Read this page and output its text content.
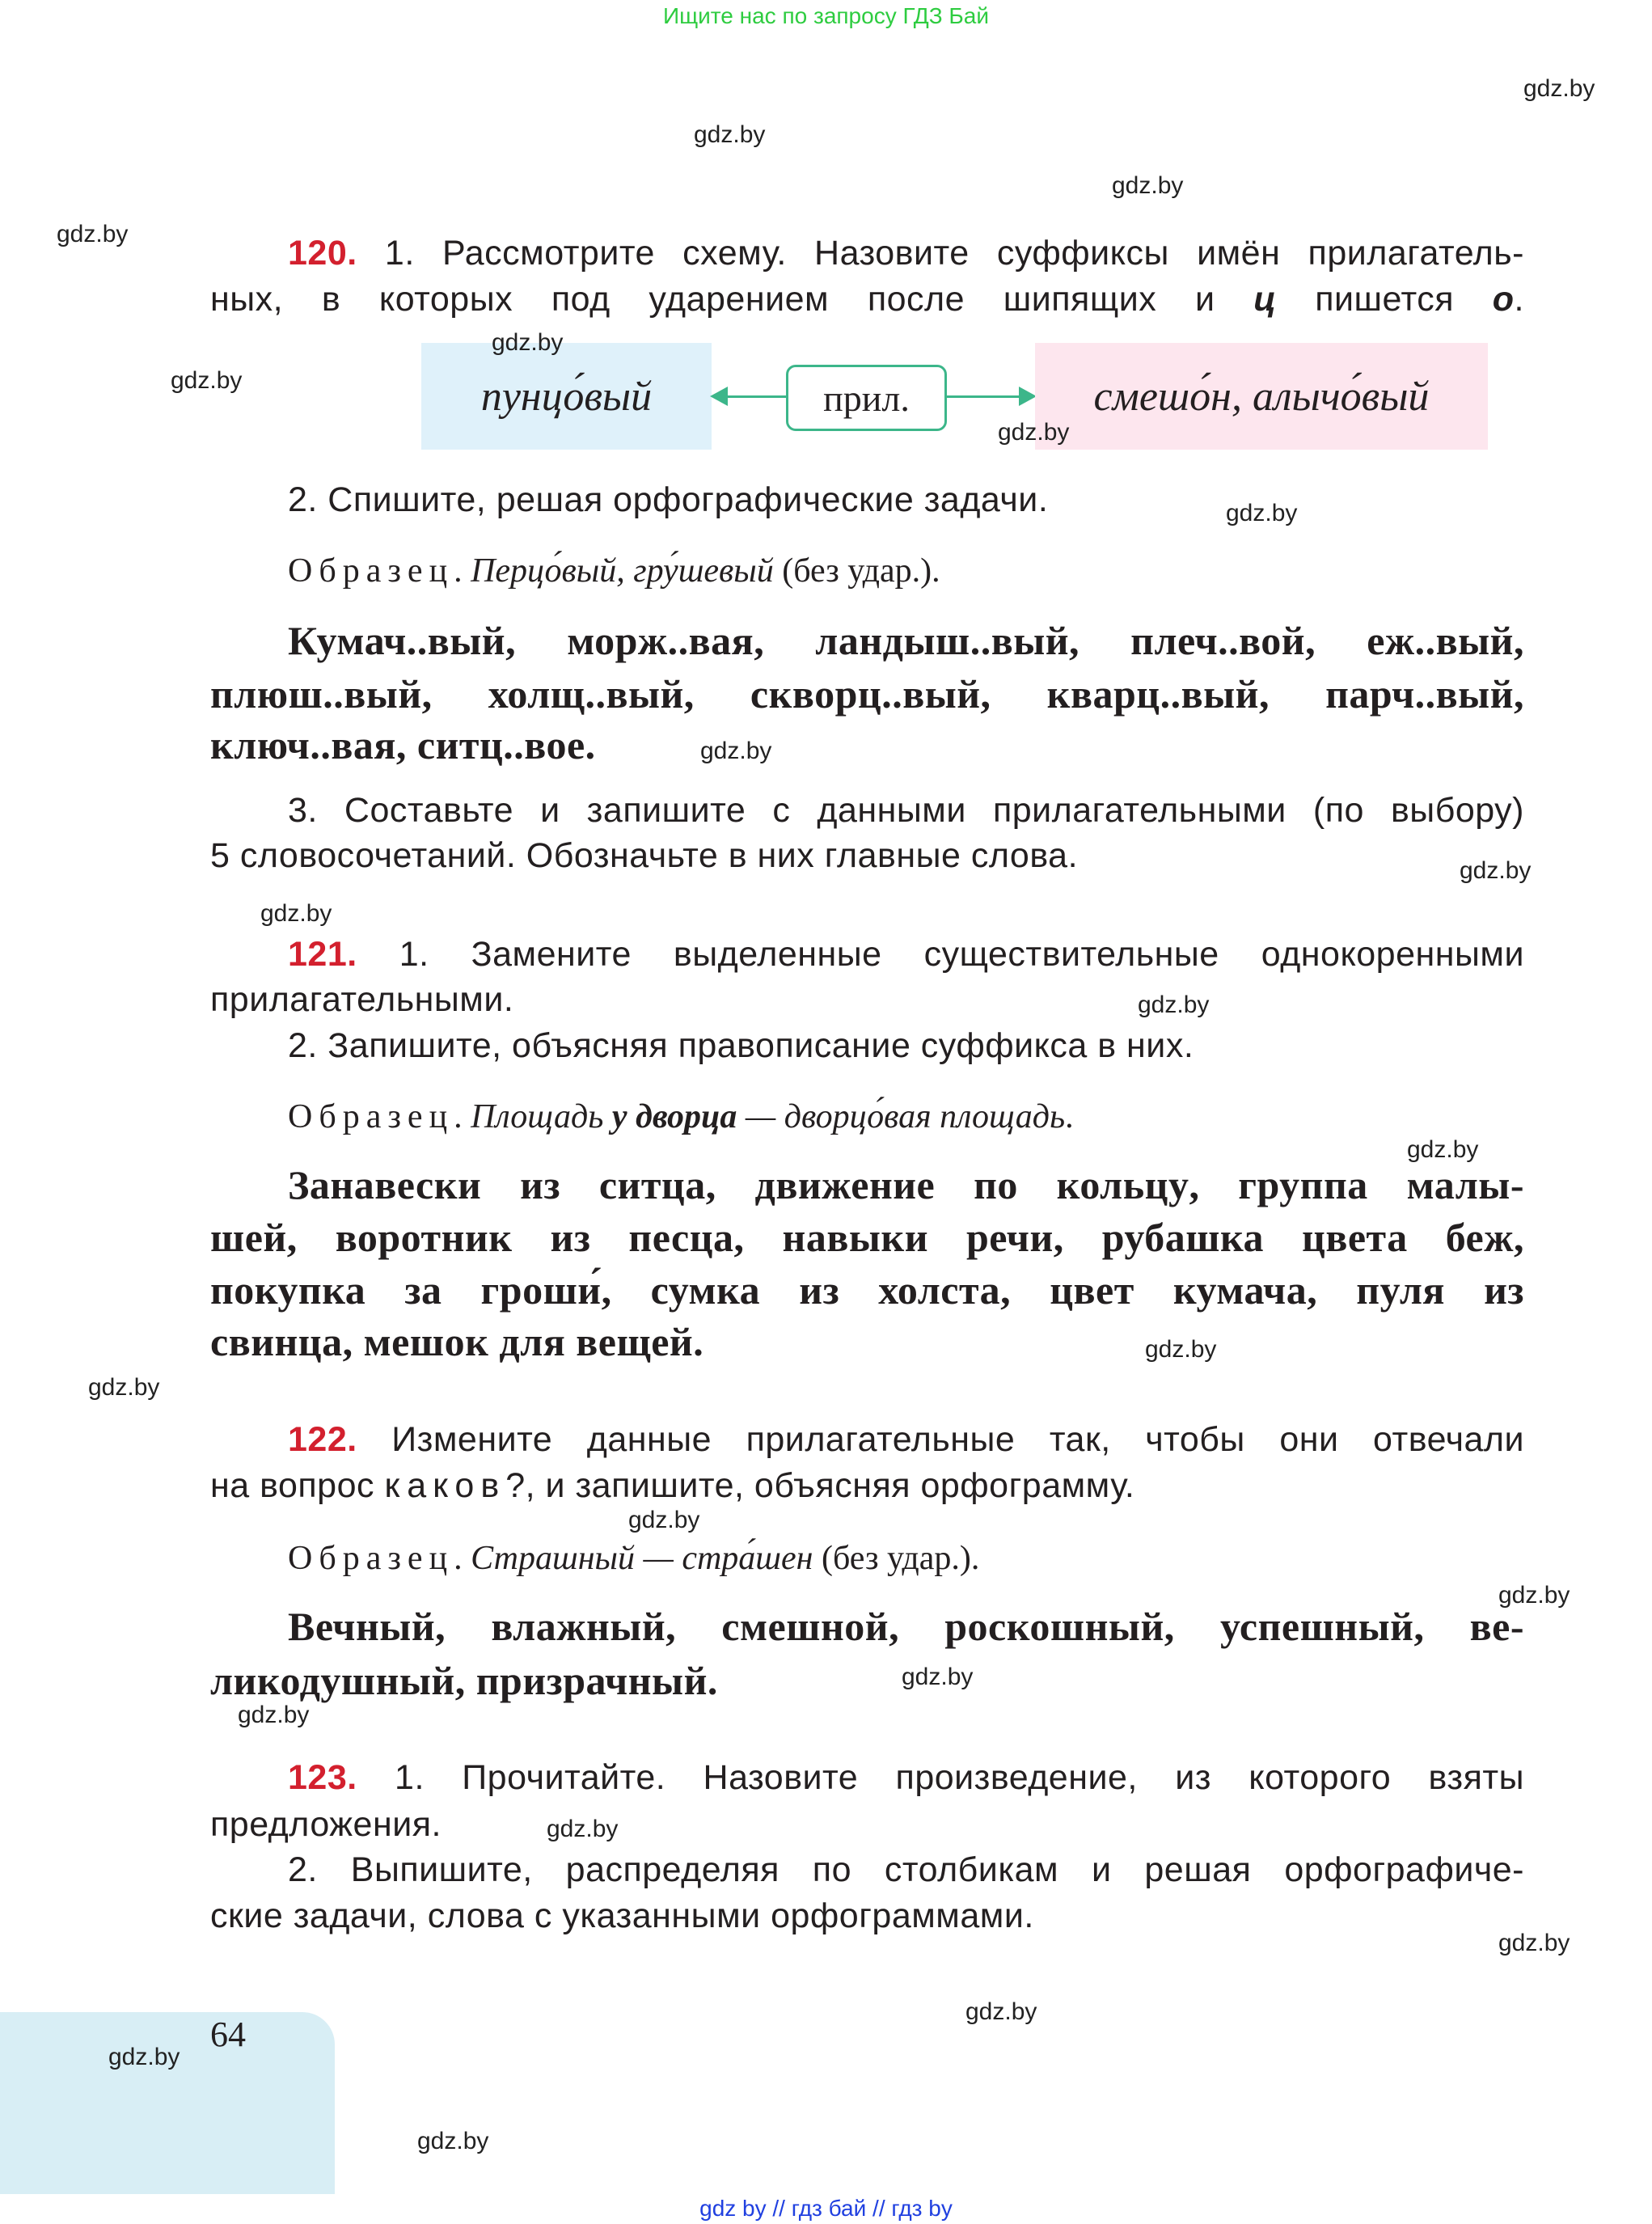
Ищите нас по запросу ГДЗ Бай
пунцо́вый	прил.	смешо́н, алычо́вый
120. 1. Рассмотрите схему. Назовите суффиксы имён прилагатель-
ных, в которых под ударением после шипящих и ц пишется о.
2. Спишите, решая орфографические задачи.
Образец. Перцо́вый, гру́шевый (без удар.).
Кумач..вый, морж..вая, ландыш..вый, плеч..вой, еж..вый,
плюш..вый, холщ..вый, скворц..вый, кварц..вый, парч..вый,
ключ..вая, ситц..вое.
3. Составьте и запишите с данными прилагательными (по выбору)
5 словосочетаний. Обозначьте в них главные слова.
121. 1. Замените выделенные существительные однокоренными
прилагательными.
2. Запишите, объясняя правописание суффикса в них.
Образец. Площадь у дворца — дворцо́вая площадь.
Занавески из ситца, движение по кольцу, группа малы-
шей, воротник из песца, навыки речи, рубашка цвета беж,
покупка за гроши́, сумка из холста, цвет кумача, пуля из
свинца, мешок для вещей.
122. Измените данные прилагательные так, чтобы они отвечали
на вопрос каков?, и запишите, объясняя орфограмму.
Образец. Страшный — стра́шен (без удар.).
Вечный, влажный, смешной, роскошный, успешный, ве-
ликодушный, призрачный.
123. 1. Прочитайте. Назовите произведение, из которого взяты
предложения.
2. Выпишите, распределяя по столбикам и решая орфографиче-
ские задачи, слова с указанными орфограммами.
64
gdz by // гдз бай // гдз by
gdz.by
gdz.by
gdz.by
gdz.by
gdz.by
gdz.by
gdz.by
gdz.by
gdz.by
gdz.by
gdz.by
gdz.by
gdz.by
gdz.by
gdz.by
gdz.by
gdz.by
gdz.by
gdz.by
gdz.by
gdz.by
gdz.by
gdz.by
gdz.by
